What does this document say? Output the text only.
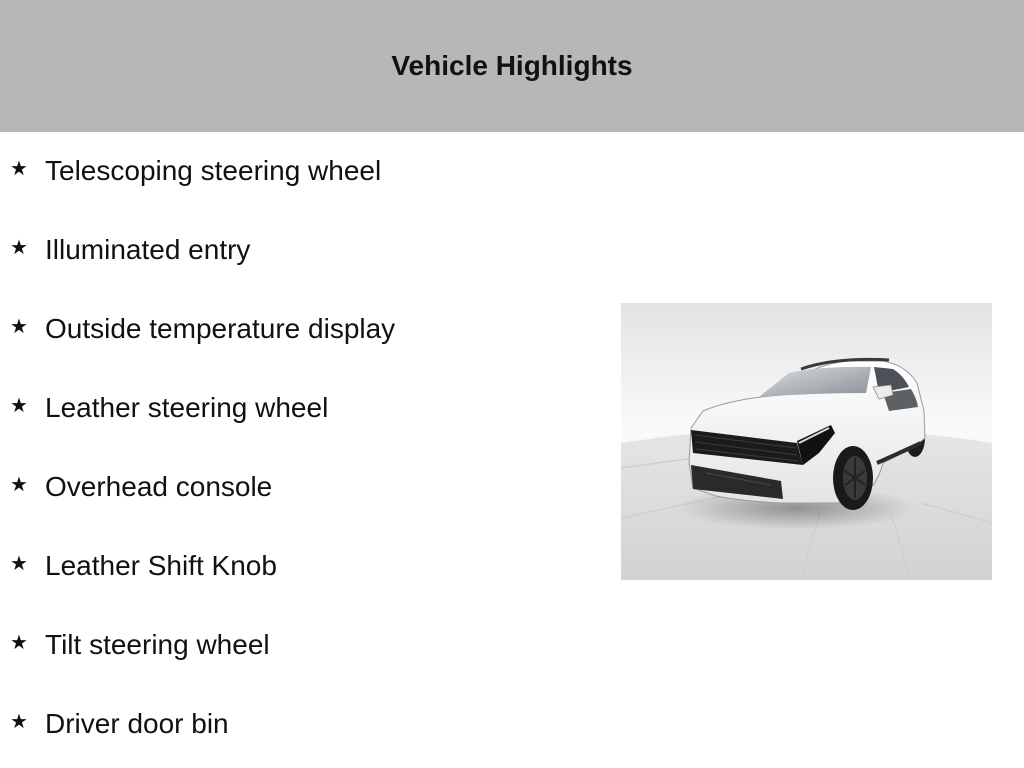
Vehicle Highlights
★ Telescoping steering wheel
★ Illuminated entry
★ Outside temperature display
★ Leather steering wheel
★ Overhead console
★ Leather Shift Knob
★ Tilt steering wheel
★ Driver door bin
